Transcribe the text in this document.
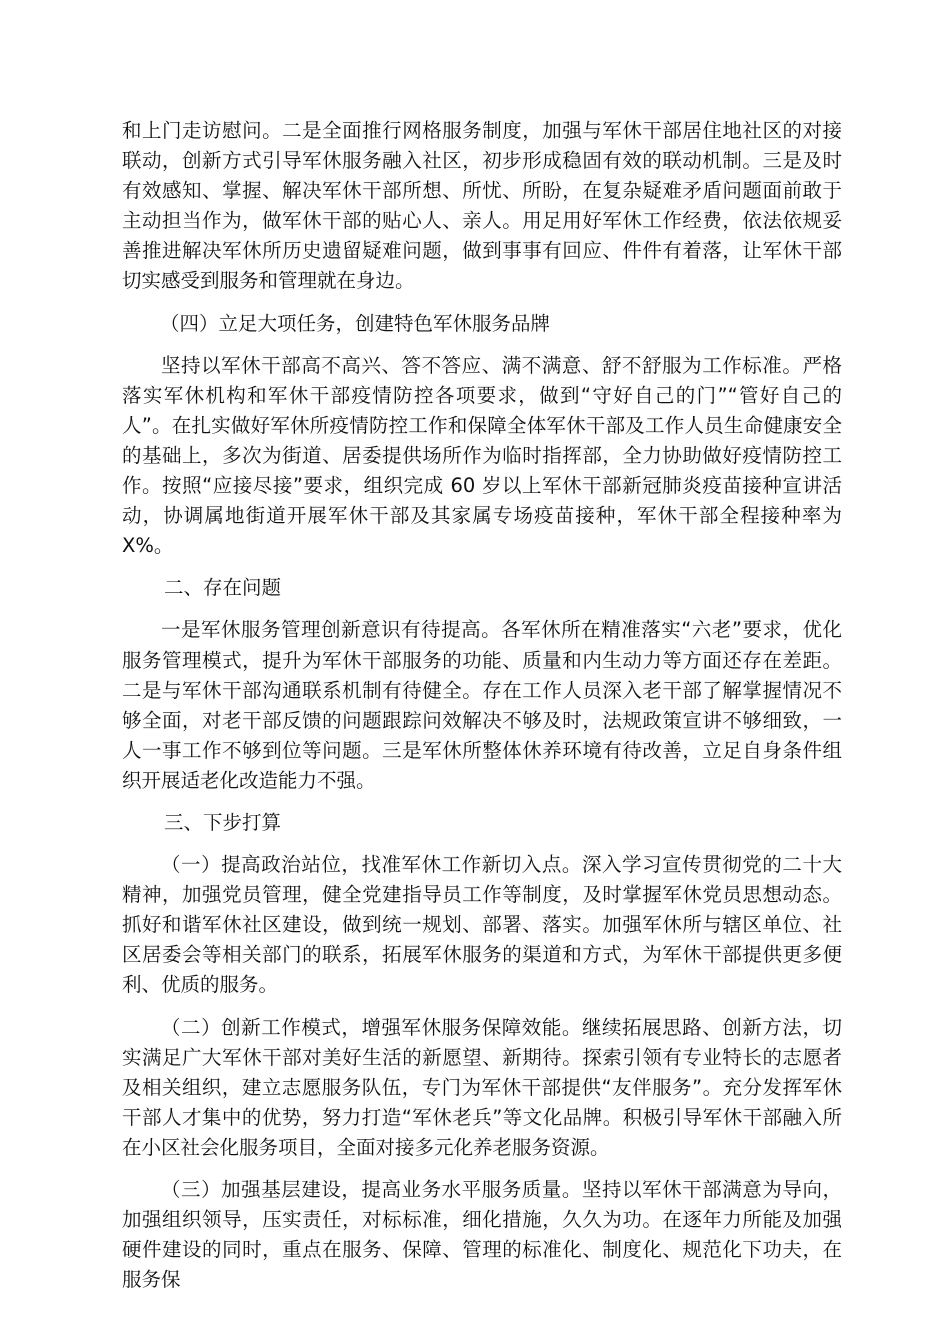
和上门走访慰问。二是全面推行网格服务制度，加强与军休干部居住地社区的对接联动，创新方式引导军休服务融入社区，初步形成稳固有效的联动机制。三是及时有效感知、掌握、解决军休干部所想、所忧、所盼，在复杂疑难矛盾问题面前敢于主动担当作为，做军休干部的贴心人、亲人。用足用好军休工作经费，依法依规妥善推进解决军休所历史遗留疑难问题，做到事事有回应、件件有着落，让军休干部切实感受到服务和管理就在身边。

（四）立足大项任务，创建特色军休服务品牌

坚持以军休干部高不高兴、答不答应、满不满意、舒不舒服为工作标准。严格落实军休机构和军休干部疫情防控各项要求，做到“守好自己的门”“管好自己的人”。在扎实做好军休所疫情防控工作和保障全体军休干部及工作人员生命健康安全的基础上，多次为街道、居委提供场所作为临时指挥部，全力协助做好疫情防控工作。按照“应接尽接”要求，组织完成 60 岁以上军休干部新冠肺炎疫苗接种宣讲活动，协调属地街道开展军休干部及其家属专场疫苗接种，军休干部全程接种率为 X%。

二、存在问题

一是军休服务管理创新意识有待提高。各军休所在精准落实“六老”要求，优化服务管理模式，提升为军休干部服务的功能、质量和内生动力等方面还存在差距。二是与军休干部沟通联系机制有待健全。存在工作人员深入老干部了解掌握情况不够全面，对老干部反馈的问题跟踪问效解决不够及时，法规政策宣讲不够细致，一人一事工作不够到位等问题。三是军休所整体休养环境有待改善，立足自身条件组织开展适老化改造能力不强。

三、下步打算

（一）提高政治站位，找准军休工作新切入点。深入学习宣传贯彻党的二十大精神，加强党员管理，健全党建指导员工作等制度，及时掌握军休党员思想动态。抓好和谐军休社区建设，做到统一规划、部署、落实。加强军休所与辖区单位、社区居委会等相关部门的联系，拓展军休服务的渠道和方式，为军休干部提供更多便利、优质的服务。

（二）创新工作模式，增强军休服务保障效能。继续拓展思路、创新方法，切实满足广大军休干部对美好生活的新愿望、新期待。探索引领有专业特长的志愿者及相关组织，建立志愿服务队伍，专门为军休干部提供“友伴服务”。充分发挥军休干部人才集中的优势，努力打造“军休老兵”等文化品牌。积极引导军休干部融入所在小区社会化服务项目，全面对接多元化养老服务资源。

（三）加强基层建设，提高业务水平服务质量。坚持以军休干部满意为导向，加强组织领导，压实责任，对标标准，细化措施，久久为功。在逐年力所能及加强硬件建设的同时，重点在服务、保障、管理的标准化、制度化、规范化下功夫，在服务保
